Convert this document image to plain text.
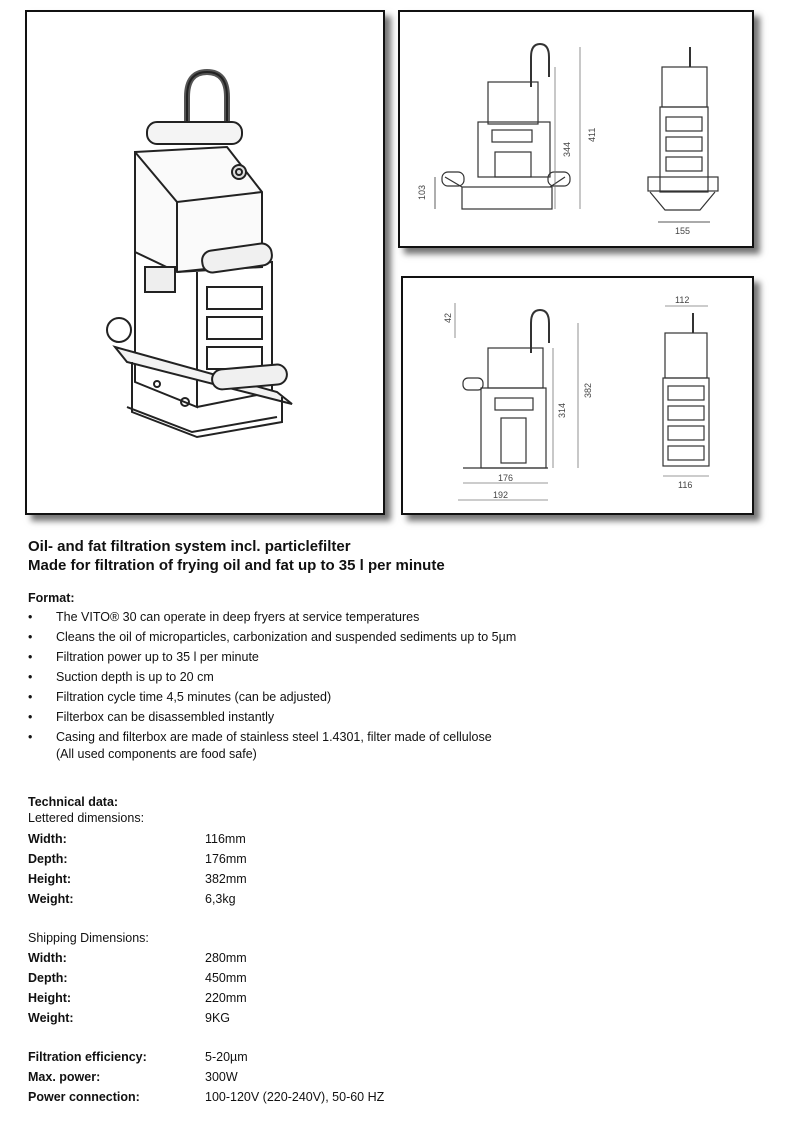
103
344
411
155
42
314
382
176
192
112
116
Oil- and fat filtration system incl. particlefilter
Made for filtration of frying oil and fat up to 35 l per minute
Format:
• The VITO® 30 can operate in deep fryers at service temperatures
• Cleans the oil of microparticles, carbonization and suspended sediments up to 5µm
• Filtration power up to 35 l per minute
• Suction depth is up to 20 cm
• Filtration cycle time 4,5 minutes (can be adjusted)
• Filterbox can be disassembled instantly
• Casing and filterbox are made of stainless steel 1.4301, filter made of cellulose
(All used components are food safe)
Technical data:
Lettered dimensions:
Width:	116mm
Depth:	176mm
Height:	382mm
Weight:	6,3kg
Shipping Dimensions:
Width:	280mm
Depth:	450mm
Height:	220mm
Weight:	9KG
Filtration efficiency:	5-20µm
Max. power:	300W
Power connection:	100-120V (220-240V), 50-60 HZ
